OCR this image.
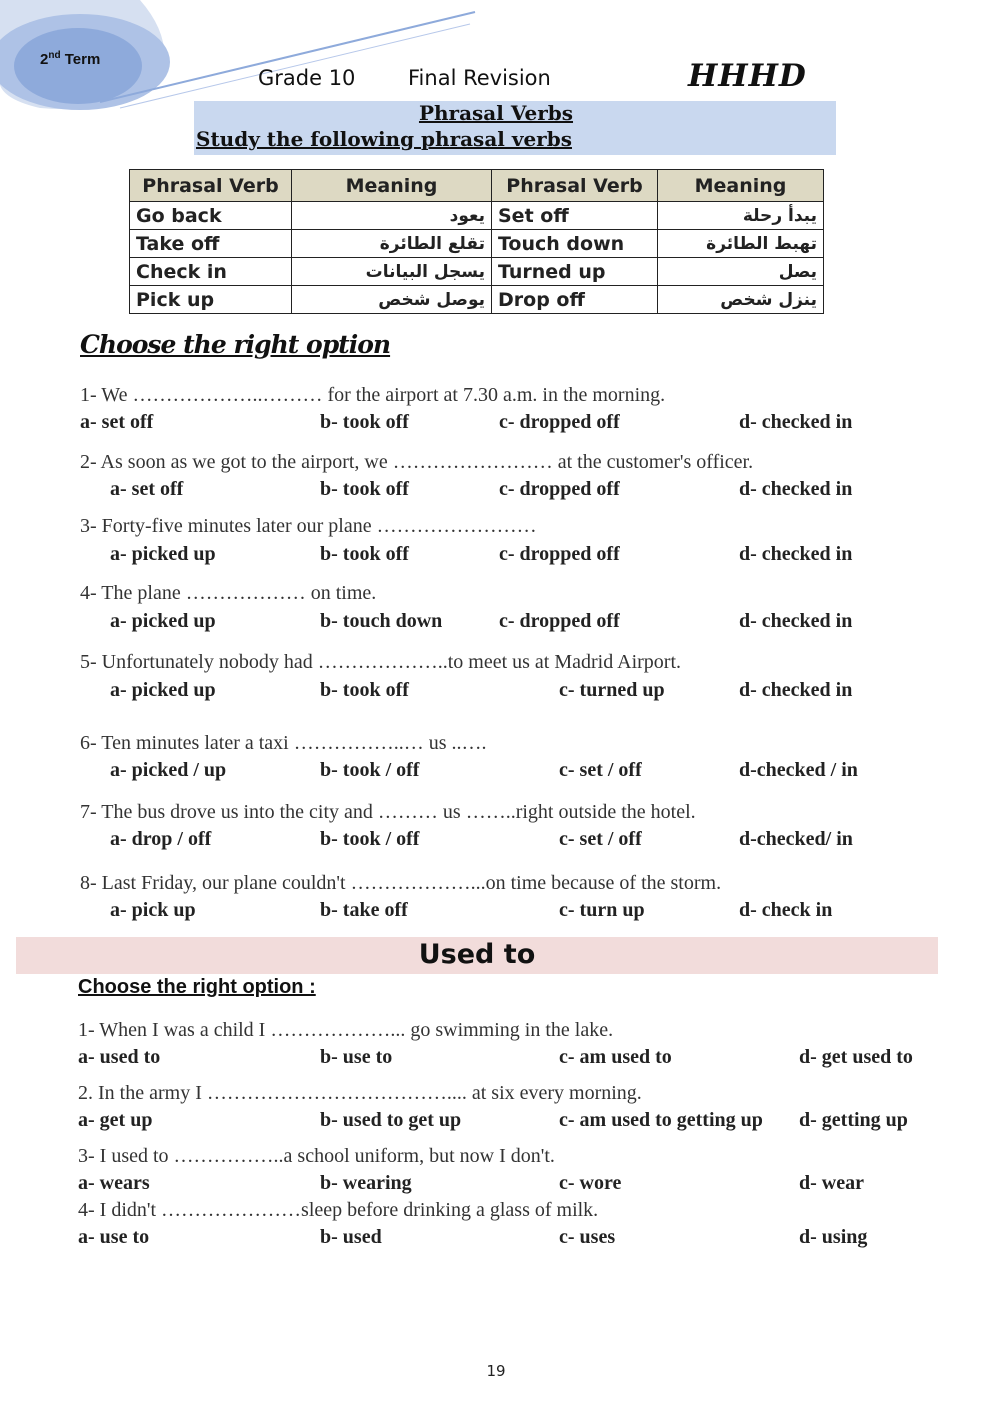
2nd Term
Grade 10	Final Revision	HHHD
Phrasal Verbs
Study the following phrasal verbs
Phrasal Verb	Meaning	Phrasal Verb	Meaning
Go back	يعود	Set off	يبدأ رحلة
Take off	تقلع الطائرة	Touch down	تهبط الطائرة
Check in	يسجل البيانات	Turned up	يصل
Pick up	يوصل شخص	Drop off	ينزل شخص
Choose the right option
1- We ………………..……… for the airport at 7.30 a.m. in the morning.
a- set off	b- took off	c- dropped off	d- checked in
2- As soon as we got to the airport, we …………………… at the customer's officer.
a- set off	b- took off	c- dropped off	d- checked in
3- Forty-five minutes later our plane ……………………
a- picked up	b- took off	c- dropped off	d- checked in
4- The plane ……………… on time.
a- picked up	b- touch down	c- dropped off	d- checked in
5- Unfortunately nobody had ………………..to meet us at Madrid Airport.
a- picked up	b- took off	c- turned up	d- checked in
6- Ten minutes later a taxi ……………..… us ..….
a- picked / up	b- took / off	c- set / off	d-checked / in
7- The bus drove us into the city and ……… us ……..right outside the hotel.
a- drop / off	b- took / off	c- set / off	d-checked/ in
8- Last Friday, our plane couldn't ………………...on time because of the storm.
a- pick up	b- take off	c- turn up	d- check in
Used to
Choose the right option :
1- When I was a child I ………………... go swimming in the lake.
a- used to	b- use to	c- am used to	d- get used to
2. In the army I ……………………………….... at six every morning.
a- get up	b- used to get up	c- am used to getting up d- getting up
3- I used to ……………..a school uniform, but now I don't.
a- wears	b- wearing	c- wore	d- wear
4- I didn't …………………sleep before drinking a glass of milk.
a- use to	b- used	c- uses	d- using
19
